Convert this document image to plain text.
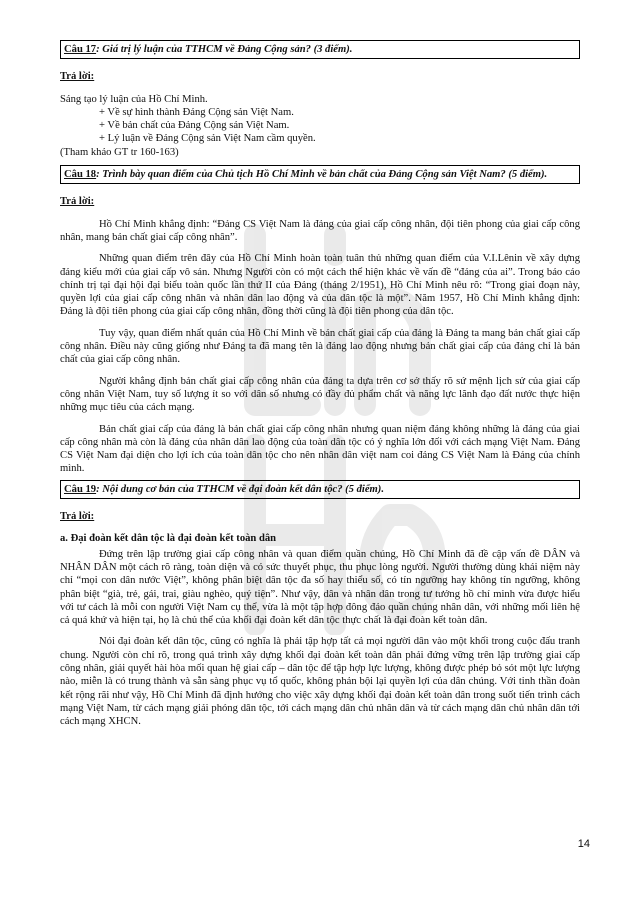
Câu 17: Giá trị lý luận của TTHCM về Đảng Cộng sản? (3 điểm).
Trả lời:

Sáng tạo lý luận của Hồ Chí Minh.

+ Về sự hình thành Đảng Cộng sản Việt Nam.

+ Về bản chất của Đảng Cộng sản Việt Nam.

+ Lý luận về Đảng Cộng sản Việt Nam cầm quyền.

(Tham khảo GT tr 160-163)

Câu 18: Trình bày quan điểm của Chủ tịch Hồ Chí Minh về bản chất của Đảng Cộng sản Việt Nam? (5 điểm).
Trả lời:

Hồ Chí Minh khẳng định: “Đảng CS Việt Nam là đảng của giai cấp công nhân, đội tiên phong của giai cấp công nhân, mang bản chất giai cấp công nhân”.

Những quan điểm trên đây của Hồ Chí Minh hoàn toàn tuân thủ những quan điểm của V.I.Lênin về xây dựng đảng kiểu mới của giai cấp vô sản. Nhưng Người còn có một cách thể hiện khác về vấn đề “đảng của ai”. Trong báo cáo chính trị tại đại hội đại biểu toàn quốc lần thứ II của Đảng (tháng 2/1951), Hồ Chí Minh nêu rõ: “Trong giai đoạn này, quyền lợi của giai cấp công nhân và nhân dân lao động và của dân tộc là một”. Năm 1957, Hồ Chí Minh khẳng định: Đảng là đội tiên phong của giai cấp công nhân, đồng thời cũng là đội tiên phong của dân tộc.

Tuy vậy, quan điểm nhất quán của Hồ Chí Minh về bản chất giai cấp của đảng là Đảng ta mang bản chất giai cấp công nhân. Điều này cũng giống như Đảng ta đã mang tên là đảng lao động nhưng bản chất giai cấp của đảng chỉ là bản chất của giai cấp công nhân.

Người khẳng định bản chất giai cấp công nhân của đảng ta dựa trên cơ sở thấy rõ sứ mệnh lịch sử của giai cấp công nhân Việt Nam, tuy số lượng ít so với dân số nhưng có đầy đủ phẩm chất và năng lực lãnh đạo đất nước thực hiện những mục tiêu của cách mạng.

Bản chất giai cấp của đảng là bản chất giai cấp công nhân nhưng quan niệm đảng không những là đảng của giai cấp công nhân mà còn là đảng của nhân dân lao động của toàn dân tộc có ý nghĩa lớn đối với cách mạng Việt Nam. Đảng CS Việt Nam đại diện cho lợi ích của toàn dân tộc cho nên nhân dân việt nam coi đảng CS Việt Nam là Đảng của chính mình.

Câu 19: Nội dung cơ bản của TTHCM về đại đoàn kết dân tộc? (5 điểm).
Trả lời:

a. Đại đoàn kết dân tộc là đại đoàn kết toàn dân

Đứng trên lập trường giai cấp công nhân và quan điểm quần chúng, Hồ Chí Minh đã đề cập vấn đề DÂN và NHÂN DÂN một cách rõ ràng, toàn diện và có sức thuyết phục, thu phục lòng người. Người thường dùng khái niệm này chỉ “mọi con dân nước Việt”, không phân biệt dân tộc đa số hay thiểu số, có tín ngưỡng hay không tín ngưỡng, không phân biệt “già, trẻ, gái, trai, giàu nghèo, quý tiện”. Như vậy, dân và nhân dân trong tư tưởng hồ chí minh vừa được hiểu với tư cách là mỗi con người Việt Nam cụ thể, vừa là một tập hợp đông đảo quần chúng nhân dân, với những mối liên hệ cả quá khứ và hiện tại, họ là chủ thể của khối đại đoàn kết dân tộc thực chất là đại đoàn kết toàn dân.

Nói đại đoàn kết dân tộc, cũng có nghĩa là phải tập hợp tất cả mọi người dân vào một khối trong cuộc đấu tranh chung. Người còn chỉ rõ, trong quá trình xây dựng khối đại đoàn kết toàn dân phải đứng vững trên lập trường giai cấp công nhân, giải quyết hài hòa mối quan hệ giai cấp – dân tộc để tập hợp lực lượng, không được phép bỏ sót một lực lượng nào, miễn là có trung thành và sẵn sàng phục vụ tổ quốc, không phản bội lại quyền lợi của dân chúng. Với tinh thần đoàn kết rộng rãi như vậy, Hồ Chí Minh đã định hướng cho việc xây dựng khối đại đoàn kết toàn dân trong suốt tiến trình cách mạng Việt Nam, từ cách mạng giải phóng dân tộc, tới cách mạng dân chủ nhân dân và từ cách mạng dân chủ nhân dân tới cách mạng XHCN.

14
